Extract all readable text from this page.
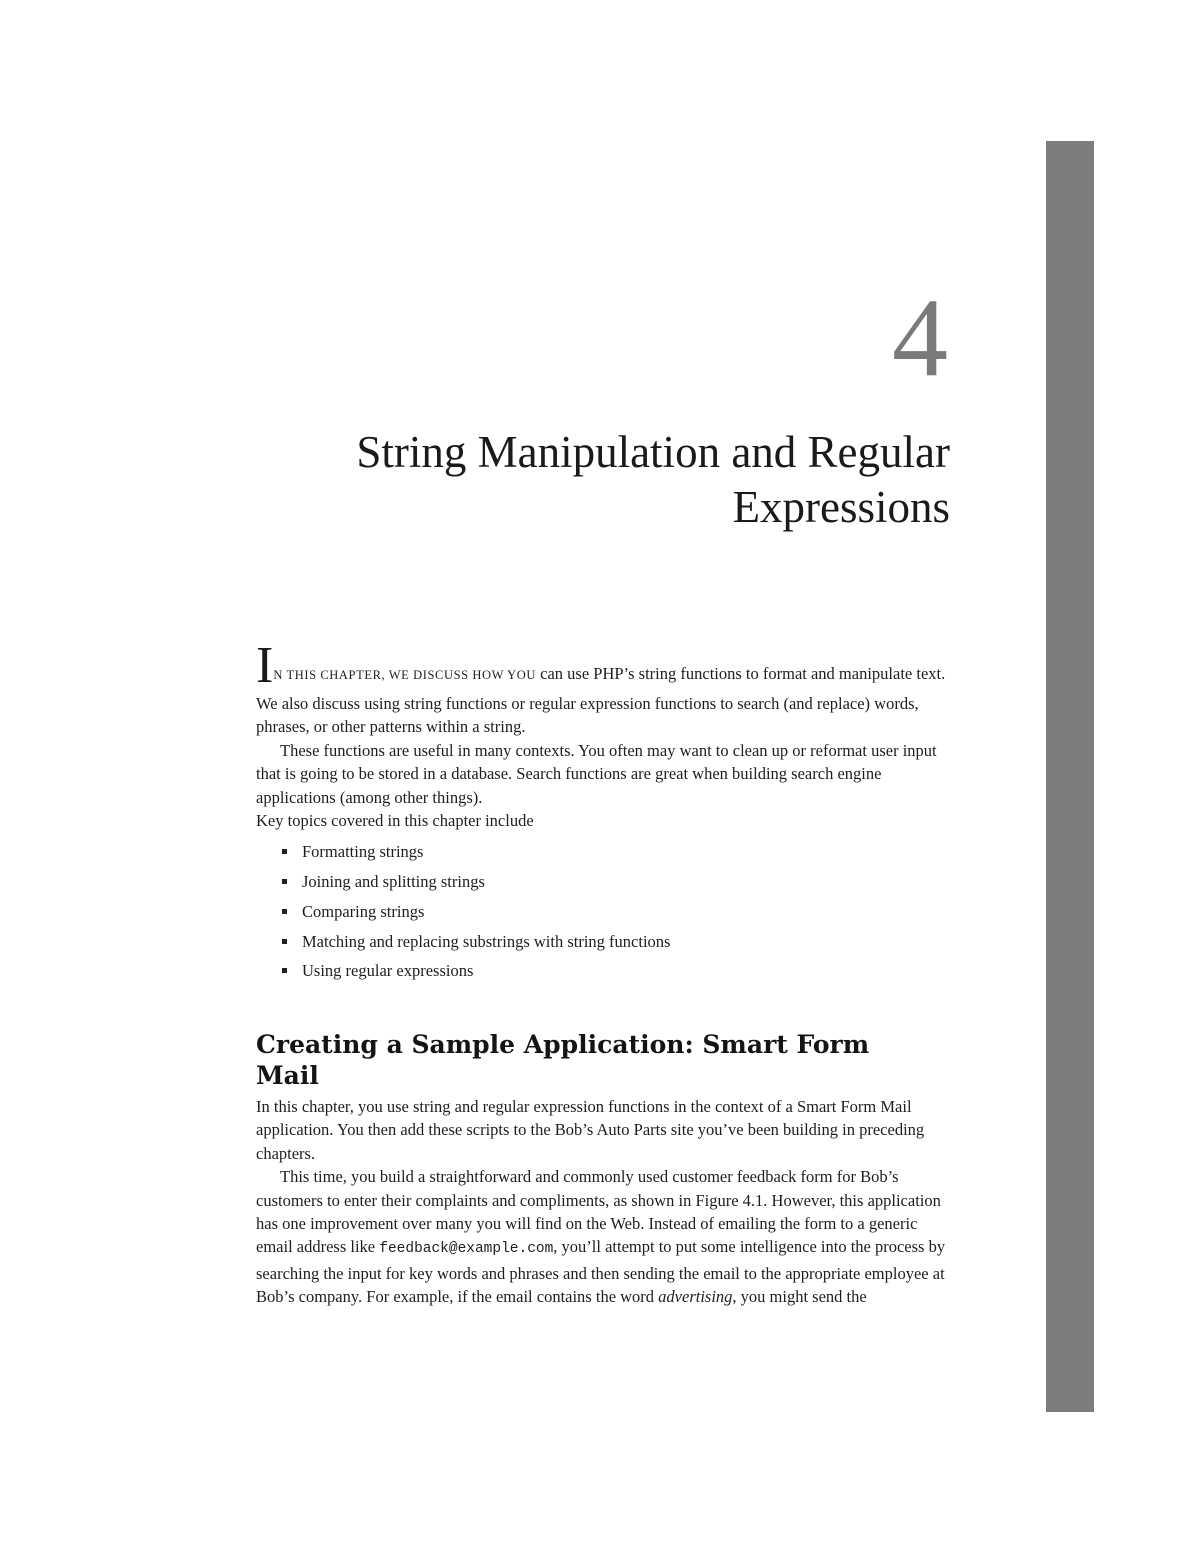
4
String Manipulation and Regular
Expressions

IN THIS CHAPTER, WE DISCUSS HOW YOU can use PHP’s string functions to format and manipulate text. We also discuss using string functions or regular expression functions to search (and replace) words, phrases, or other patterns within a string.

These functions are useful in many contexts. You often may want to clean up or reformat user input that is going to be stored in a database. Search functions are great when building search engine applications (among other things).

Key topics covered in this chapter include

Formatting strings
Joining and splitting strings
Comparing strings
Matching and replacing substrings with string functions
Using regular expressions
Creating a Sample Application: Smart Form Mail

In this chapter, you use string and regular expression functions in the context of a Smart Form Mail application. You then add these scripts to the Bob’s Auto Parts site you’ve been building in preceding chapters.

This time, you build a straightforward and commonly used customer feedback form for Bob’s customers to enter their complaints and compliments, as shown in Figure 4.1. However, this application has one improvement over many you will find on the Web. Instead of emailing the form to a generic email address like feedback@example.com, you’ll attempt to put some intelligence into the process by searching the input for key words and phrases and then sending the email to the appropriate employee at Bob’s company. For example, if the email contains the word advertising, you might send the
